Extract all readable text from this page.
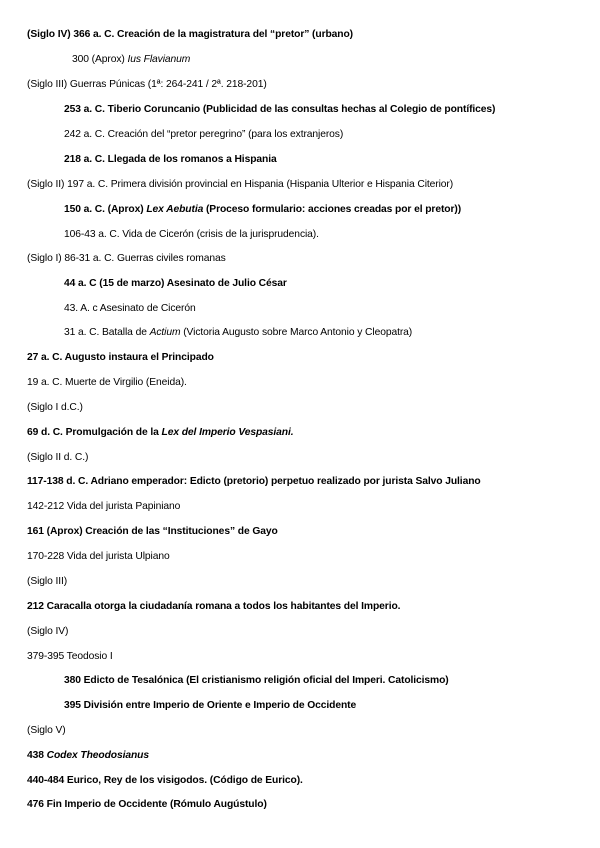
(Siglo IV) 366 a. C. Creación de la magistratura del “pretor” (urbano)
300 (Aprox) Ius Flavianum
(Siglo III) Guerras Púnicas (1ª: 264-241 / 2ª. 218-201)
253 a. C. Tiberio Coruncanio (Publicidad de las consultas hechas al Colegio de pontífices)
242 a. C. Creación del “pretor peregrino” (para los extranjeros)
218 a. C. Llegada de los romanos a Hispania
(Siglo II) 197 a. C. Primera división provincial en Hispania (Hispania Ulterior e Hispania Citerior)
150 a. C. (Aprox) Lex Aebutia (Proceso formulario: acciones creadas por el pretor))
106-43 a. C. Vida de Cicerón (crisis de la jurisprudencia).
(Siglo I) 86-31 a. C. Guerras civiles romanas
44 a. C (15 de marzo) Asesinato de Julio César
43. A. c Asesinato de Cicerón
31 a. C. Batalla de Actium (Victoria Augusto sobre Marco Antonio y Cleopatra)
27 a. C. Augusto instaura el Principado
19 a. C. Muerte de Virgilio (Eneida).
(Siglo I d.C.)
69 d. C. Promulgación de la Lex del Imperio Vespasiani.
(Siglo II d. C.)
117-138 d. C. Adriano emperador: Edicto (pretorio) perpetuo realizado por jurista Salvo Juliano
142-212 Vida del jurista Papiniano
161 (Aprox) Creación de las “Instituciones” de Gayo
170-228 Vida del jurista Ulpiano
(Siglo III)
212 Caracalla otorga la ciudadanía romana a todos los habitantes del Imperio.
(Siglo IV)
379-395 Teodosio I
380 Edicto de Tesalónica (El cristianismo religión oficial del Imperi. Catolicismo)
395 División entre Imperio de Oriente e Imperio de Occidente
(Siglo V)
438 Codex Theodosianus
440-484 Eurico, Rey de los visigodos. (Código de Eurico).
476 Fin Imperio de Occidente (Rómulo Augústulo)
